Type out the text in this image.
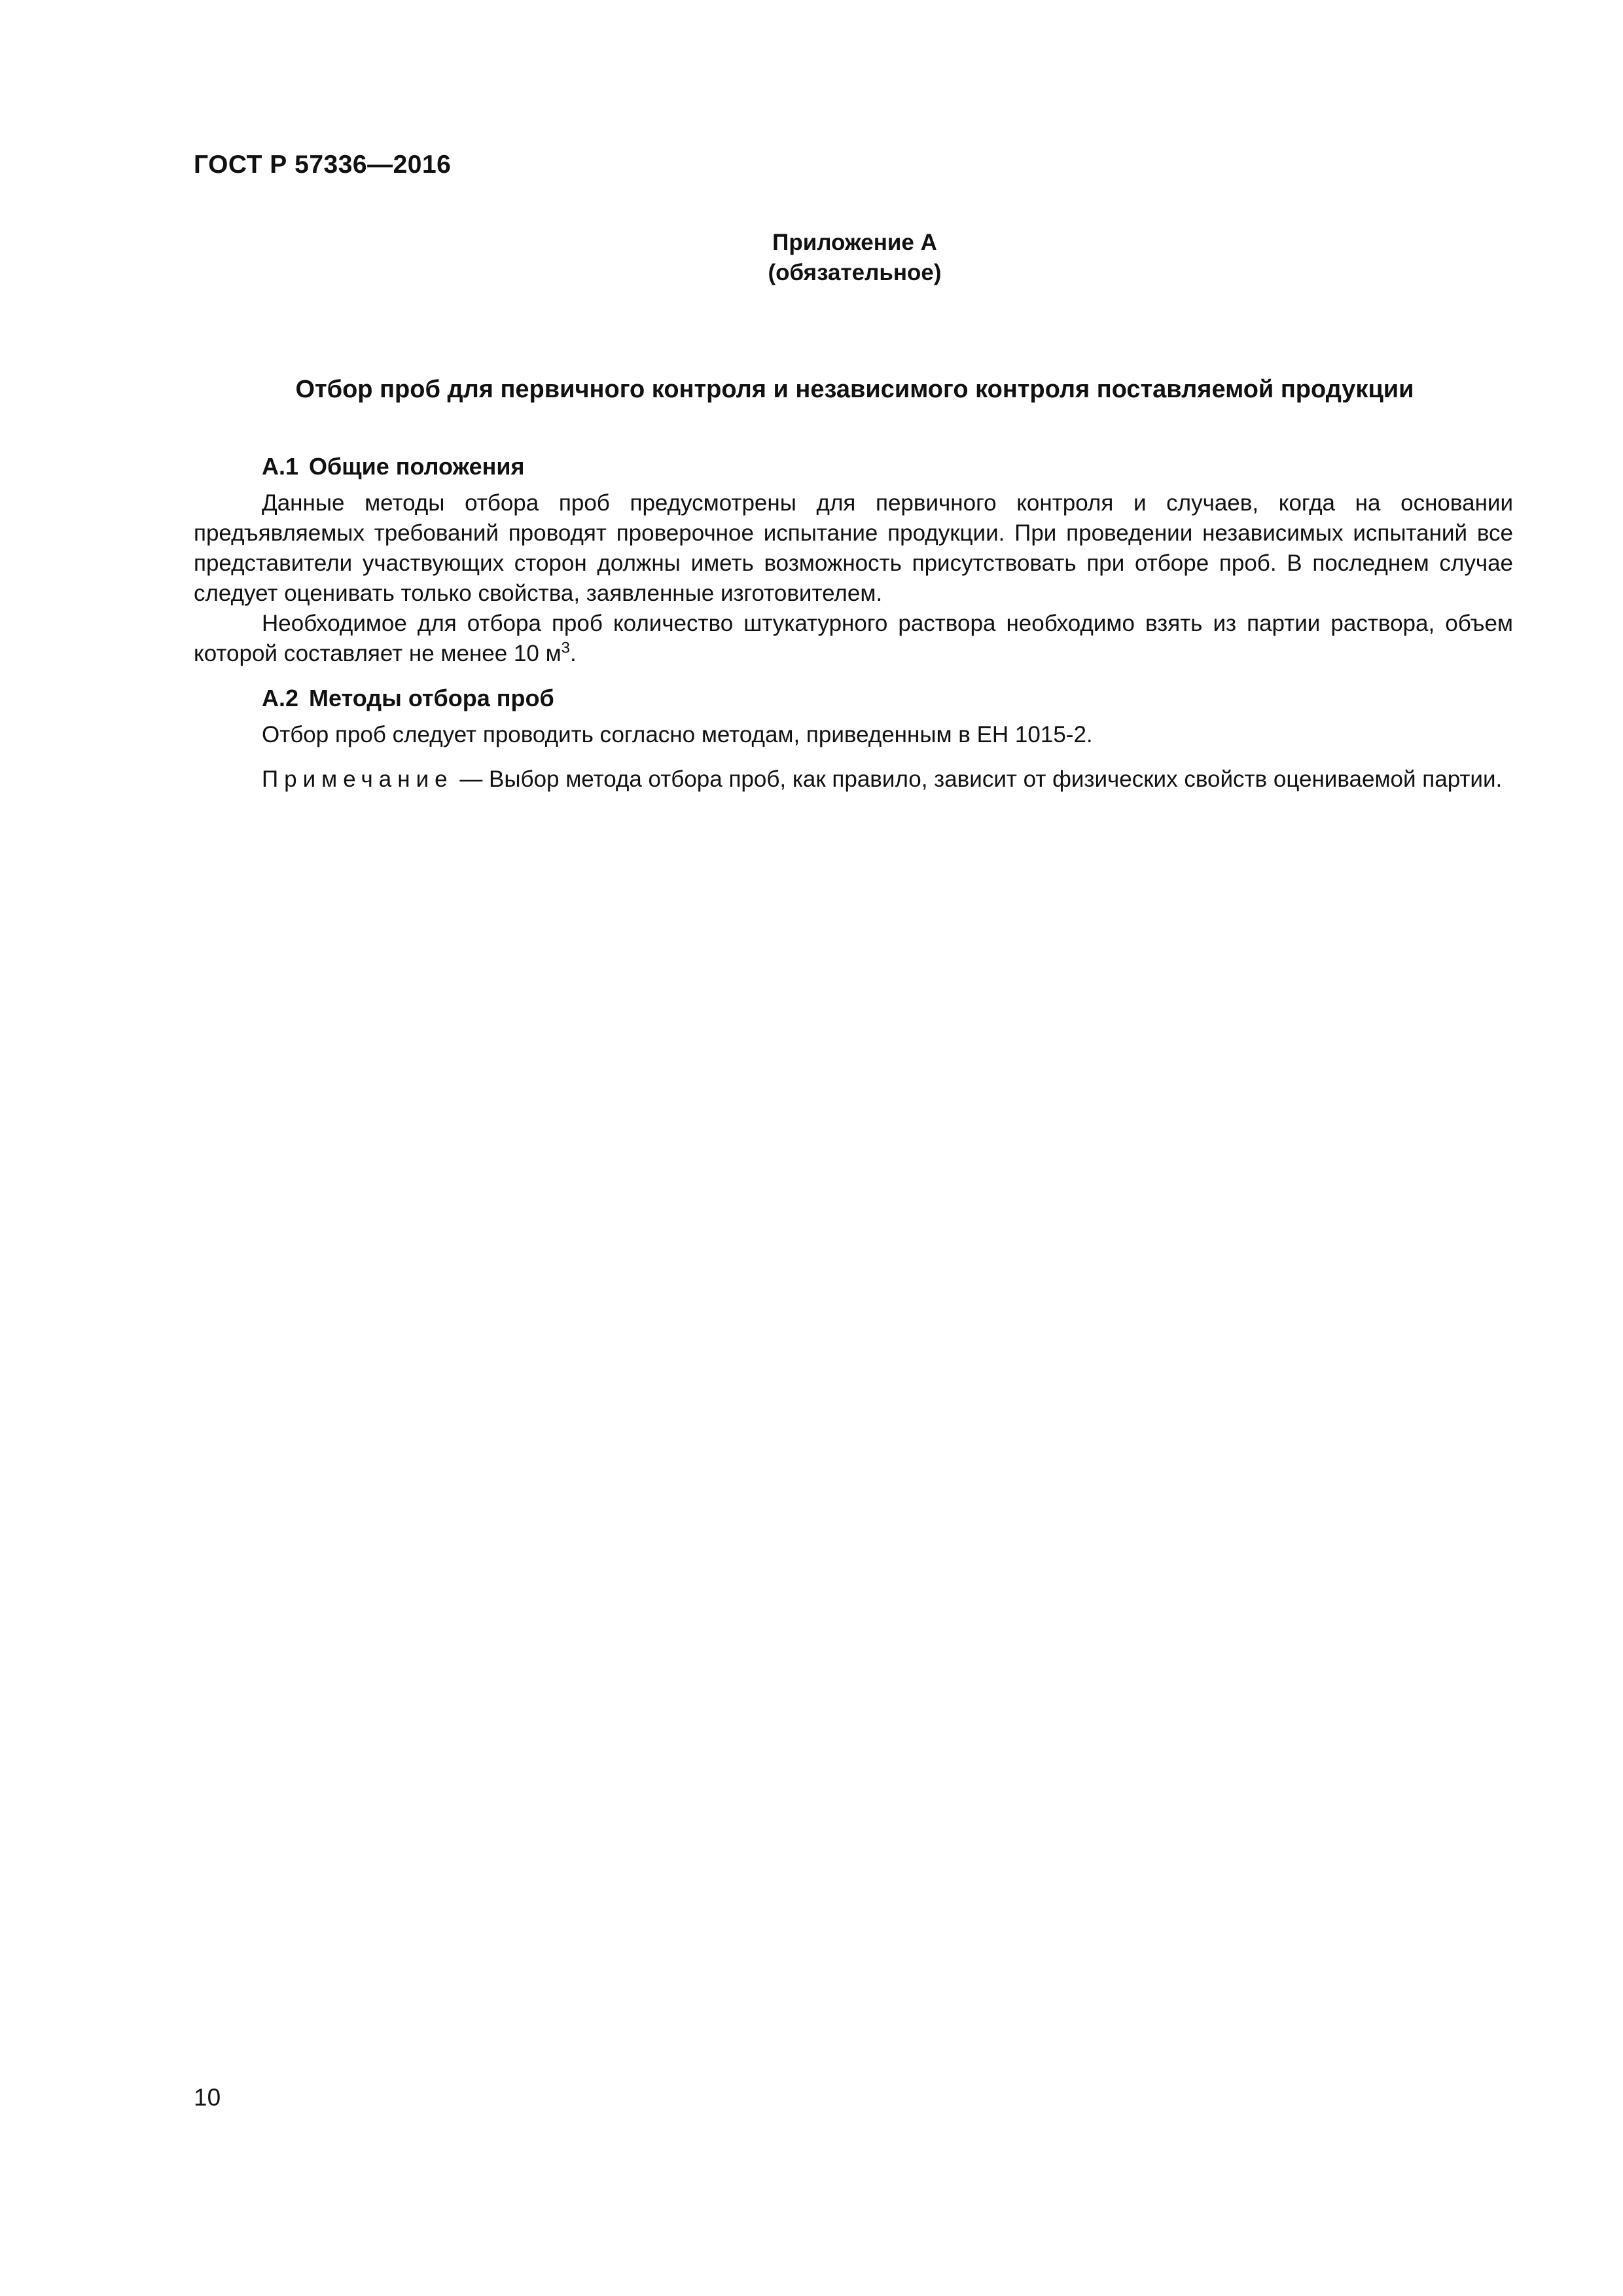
ГОСТ Р 57336—2016
Приложение А
(обязательное)
Отбор проб для первичного контроля и независимого контроля поставляемой продукции
А.1 Общие положения

Данные методы отбора проб предусмотрены для первичного контроля и случаев, когда на основании предъявляемых требований проводят проверочное испытание продукции. При проведении независимых испытаний все представители участвующих сторон должны иметь возможность присутствовать при отборе проб. В последнем случае следует оценивать только свойства, заявленные изготовителем.

Необходимое для отбора проб количество штукатурного раствора необходимо взять из партии раствора, объем которой составляет не менее 10 $м^3$.

А.2 Методы отбора проб

Отбор проб следует проводить согласно методам, приведенным в ЕН 1015-2.

Примечание — Выбор метода отбора проб, как правило, зависит от физических свойств оцениваемой партии.

10
